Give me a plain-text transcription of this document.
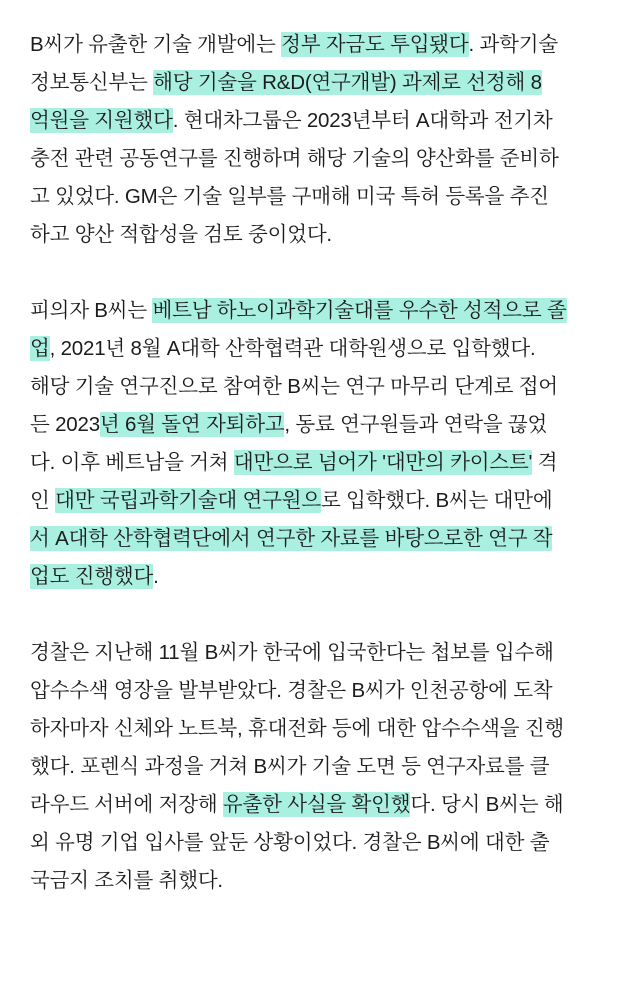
B씨가 유출한 기술 개발에는 정부 자금도 투입됐다. 과학기술
정보통신부는 해당 기술을 R&D(연구개발) 과제로 선정해 8
억원을 지원했다. 현대차그룹은 2023년부터 A대학과 전기차
충전 관련 공동연구를 진행하며 해당 기술의 양산화를 준비하
고 있었다. GM은 기술 일부를 구매해 미국 특허 등록을 추진
하고 양산 적합성을 검토 중이었다.

피의자 B씨는 베트남 하노이과학기술대를 우수한 성적으로 졸
업, 2021년 8월 A대학 산학협력관 대학원생으로 입학했다.
해당 기술 연구진으로 참여한 B씨는 연구 마무리 단계로 접어
든 2023년 6월 돌연 자퇴하고, 동료 연구원들과 연락을 끊었
다. 이후 베트남을 거쳐 대만으로 넘어가 '대만의 카이스트' 격
인 대만 국립과학기술대 연구원으로 입학했다. B씨는 대만에
서 A대학 산학협력단에서 연구한 자료를 바탕으로한 연구 작
업도 진행했다.

경찰은 지난해 11월 B씨가 한국에 입국한다는 첩보를 입수해
압수수색 영장을 발부받았다. 경찰은 B씨가 인천공항에 도착
하자마자 신체와 노트북, 휴대전화 등에 대한 압수수색을 진행
했다. 포렌식 과정을 거쳐 B씨가 기술 도면 등 연구자료를 클
라우드 서버에 저장해 유출한 사실을 확인했다. 당시 B씨는 해
외 유명 기업 입사를 앞둔 상황이었다. 경찰은 B씨에 대한 출
국금지 조치를 취했다.
